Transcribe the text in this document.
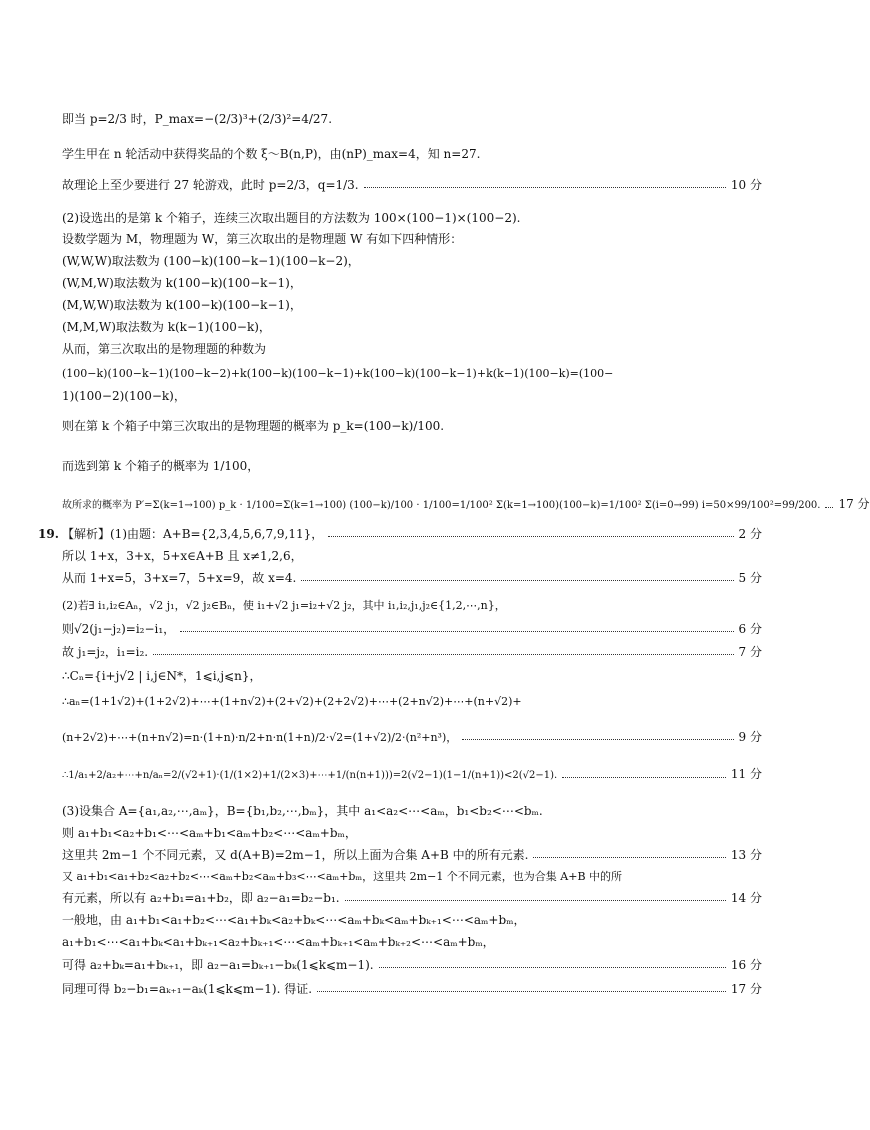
即当 p=2/3 时，P_max=−(2/3)³+(2/3)²=4/27.
学生甲在 n 轮活动中获得奖品的个数 ξ～B(n,P)，由(nP)_max=4，知 n=27.
故理论上至少要进行 27 轮游戏，此时 p=2/3，q=1/3.	10 分
(2)设选出的是第 k 个箱子，连续三次取出题目的方法数为 100×(100−1)×(100−2).
设数学题为 M，物理题为 W，第三次取出的是物理题 W 有如下四种情形：
(W,W,W)取法数为 (100−k)(100−k−1)(100−k−2)，
(W,M,W)取法数为 k(100−k)(100−k−1)，
(M,W,W)取法数为 k(100−k)(100−k−1)，
(M,M,W)取法数为 k(k−1)(100−k)，
从而，第三次取出的是物理题的种数为
(100−k)(100−k−1)(100−k−2)+k(100−k)(100−k−1)+k(100−k)(100−k−1)+k(k−1)(100−k)=(100−
1)(100−2)(100−k)，
则在第 k 个箱子中第三次取出的是物理题的概率为 p_k=(100−k)/100.
而选到第 k 个箱子的概率为 1/100，
故所求的概率为 P′=Σ(k=1→100) p_k · 1/100=Σ(k=1→100) (100−k)/100 · 1/100=1/100² Σ(k=1→100)(100−k)=1/100² Σ(i=0→99) i=50×99/100²=99/200. 17 分
19. 【解析】(1)由题：A+B={2,3,4,5,6,7,9,11}，	2 分
所以 1+x，3+x，5+x∈A+B 且 x≠1,2,6，
从而 1+x=5，3+x=7，5+x=9，故 x=4.	5 分
(2)若∃ i₁,i₂∈Aₙ，√2 j₁，√2 j₂∈Bₙ，使 i₁+√2 j₁=i₂+√2 j₂，其中 i₁,i₂,j₁,j₂∈{1,2,⋯,n}，
则√2(j₁−j₂)=i₂−i₁，	6 分
故 j₁=j₂，i₁=i₂.	7 分
∴Cₙ={i+j√2 | i,j∈N*，1⩽i,j⩽n}，
∴aₙ=(1+1√2)+(1+2√2)+⋯+(1+n√2)+(2+√2)+(2+2√2)+⋯+(2+n√2)+⋯+(n+√2)+
(n+2√2)+⋯+(n+n√2)=n·(1+n)·n/2+n·n(1+n)/2·√2=(1+√2)/2·(n²+n³)，	9 分
∴1/a₁+2/a₂+⋯+n/aₙ=2/(√2+1)·(1/(1×2)+1/(2×3)+⋯+1/(n(n+1)))=2(√2−1)(1−1/(n+1))<2(√2−1).	11 分
(3)设集合 A={a₁,a₂,⋯,aₘ}，B={b₁,b₂,⋯,bₘ}，其中 a₁<a₂<⋯<aₘ，b₁<b₂<⋯<bₘ.
则 a₁+b₁<a₂+b₁<⋯<aₘ+b₁<aₘ+b₂<⋯<aₘ+bₘ，
这里共 2m−1 个不同元素，又 d(A+B)=2m−1，所以上面为合集 A+B 中的所有元素.	13 分
又 a₁+b₁<a₁+b₂<a₂+b₂<⋯<aₘ+b₂<aₘ+b₃<⋯<aₘ+bₘ，这里共 2m−1 个不同元素，也为合集 A+B 中的所
有元素，所以有 a₂+b₁=a₁+b₂，即 a₂−a₁=b₂−b₁.	14 分
一般地，由 a₁+b₁<a₁+b₂<⋯<a₁+bₖ<a₂+bₖ<⋯<aₘ+bₖ<aₘ+bₖ₊₁<⋯<aₘ+bₘ，
a₁+b₁<⋯<a₁+bₖ<a₁+bₖ₊₁<a₂+bₖ₊₁<⋯<aₘ+bₖ₊₁<aₘ+bₖ₊₂<⋯<aₘ+bₘ，
可得 a₂+bₖ=a₁+bₖ₊₁，即 a₂−a₁=bₖ₊₁−bₖ(1⩽k⩽m−1).	16 分
同理可得 b₂−b₁=aₖ₊₁−aₖ(1⩽k⩽m−1). 得证.	17 分
